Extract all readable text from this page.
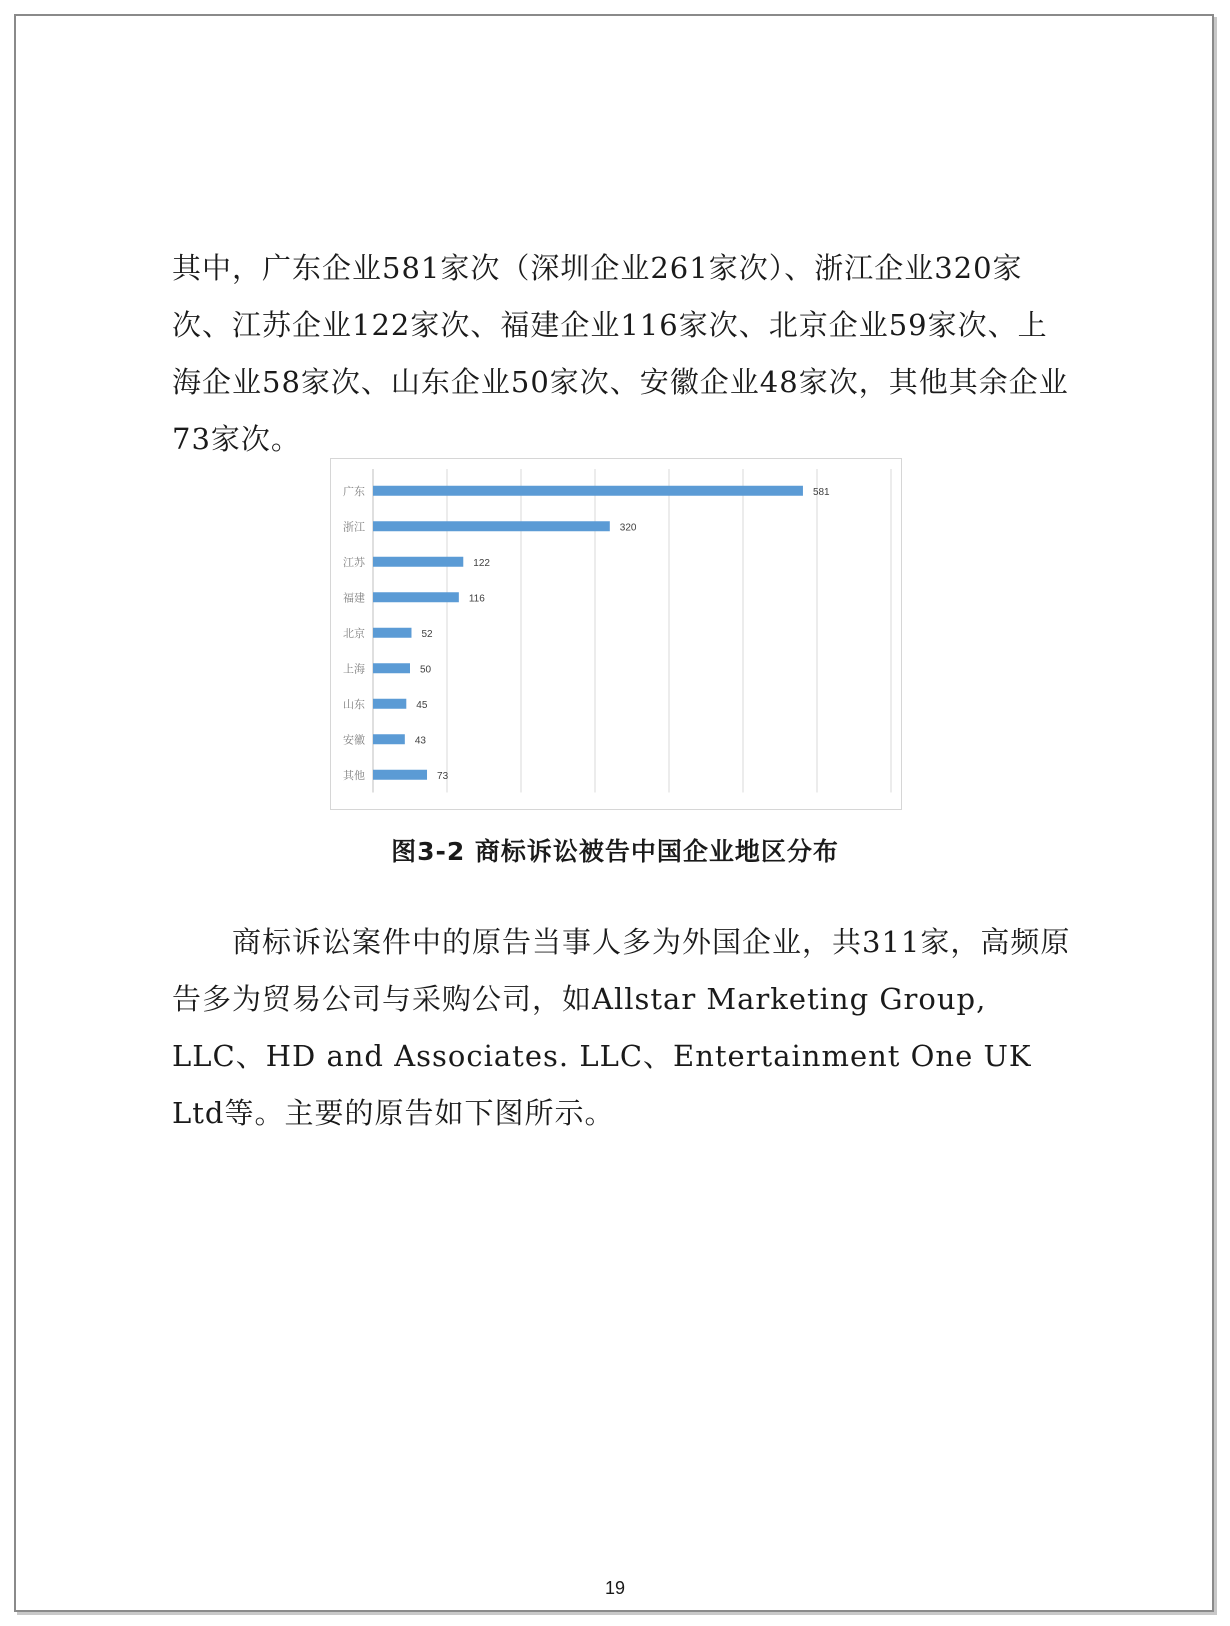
其中，广东企业581家次（深圳企业261家次）、浙江企业320家次、江苏企业122家次、福建企业116家次、北京企业59家次、上海企业58家次、山东企业50家次、安徽企业48家次，其他其余企业73家次。

广东	581
浙江	320
江苏	122
福建	116
北京	52
上海	50
山东	45
安徽	43
其他	73
图3-2 商标诉讼被告中国企业地区分布

商标诉讼案件中的原告当事人多为外国企业，共311家，高频原告多为贸易公司与采购公司，如Allstar Marketing Group, LLC、HD and Associates. LLC、Entertainment One UK Ltd等。主要的原告如下图所示。

19
